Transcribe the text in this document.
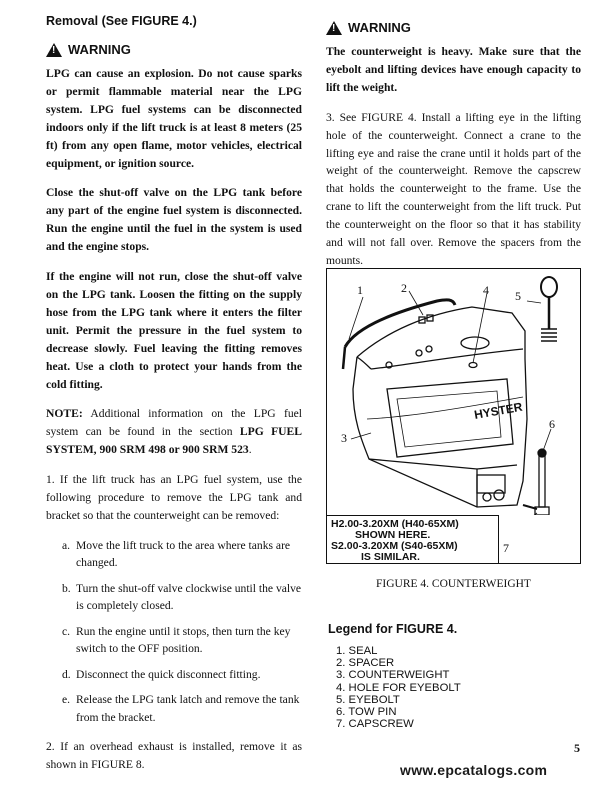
Removal (See FIGURE 4.)
!
WARNING

LPG can cause an explosion. Do not cause sparks or permit flammable material near the LPG system. LPG fuel systems can be disconnected indoors only if the lift truck is at least 8 meters (25 ft) from any open flame, motor vehicles, electrical equipment, or ignition source.

Close the shut-off valve on the LPG tank before any part of the engine fuel system is disconnected. Run the engine until the fuel in the system is used and the engine stops.

If the engine will not run, close the shut-off valve on the LPG tank. Loosen the fitting on the supply hose from the LPG tank where it enters the filter unit. Permit the pressure in the fuel system to decrease slowly. Fuel leaving the fitting removes heat. Use a cloth to protect your hands from the cold fitting.

NOTE: Additional information on the LPG fuel system can be found in the section LPG FUEL SYSTEM, 900 SRM 498 or 900 SRM 523.

1. If the lift truck has an LPG fuel system, use the following procedure to remove the LPG tank and bracket so that the counterweight can be removed:

a. Move the lift truck to the area where tanks are changed.
b. Turn the shut-off valve clockwise until the valve is completely closed.
c. Run the engine until it stops, then turn the key switch to the OFF position.
d. Disconnect the quick disconnect fitting.
e. Release the LPG tank latch and remove the tank from the bracket.

2. If an overhead exhaust is installed, remove it as shown in FIGURE 8.

!
WARNING

The counterweight is heavy. Make sure that the eyebolt and lifting devices have enough capacity to lift the weight.

3. See FIGURE 4. Install a lifting eye in the lifting hole of the counterweight. Connect a crane to the lifting eye and raise the crane until it holds part of the weight of the counterweight. Remove the capscrew that holds the counterweight to the frame. Use the crane to lift the counterweight from the lift truck. Put the counterweight on the floor so that it has stability and will not fall over. Remove the spacers from the mounts.

HYSTER
1	2
3
4 5
6
7
H2.00-3.20XM (H40-65XM)
SHOWN HERE.
S2.00-3.20XM (S40-65XM)
IS SIMILAR.
FIGURE 4. COUNTERWEIGHT
Legend for FIGURE 4.
1. SEAL
2. SPACER
3. COUNTERWEIGHT
4. HOLE FOR EYEBOLT
5. EYEBOLT
6. TOW PIN
7. CAPSCREW
5
www.epcatalogs.com
